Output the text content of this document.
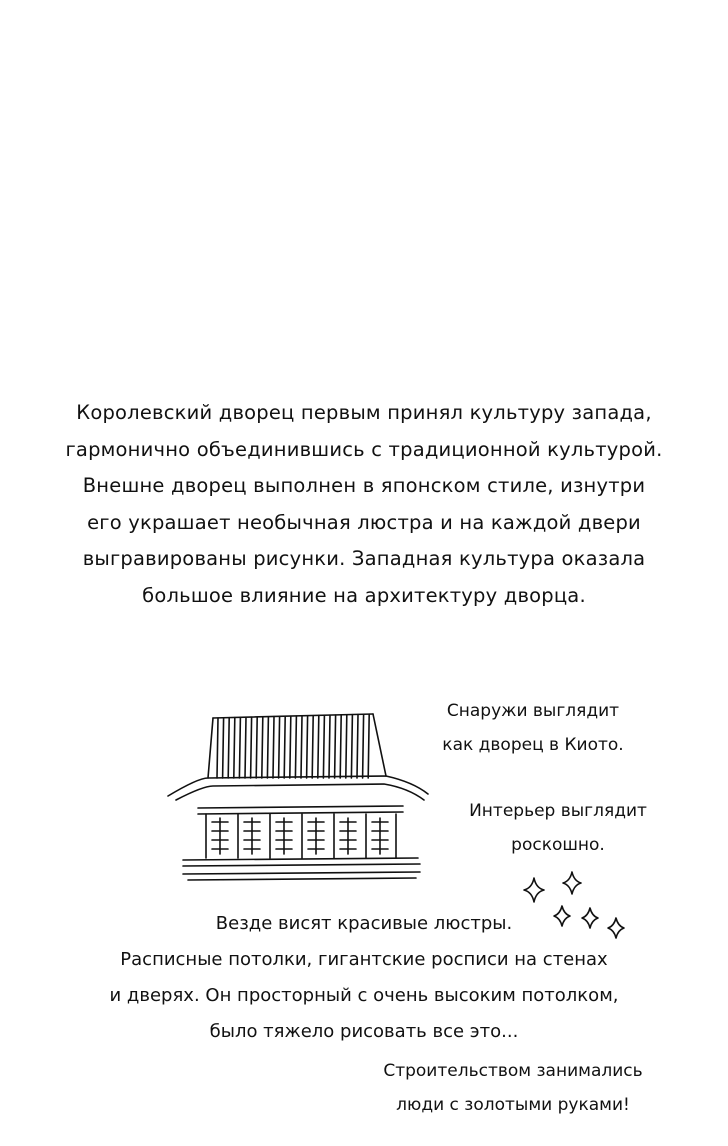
Королевский дворец первым принял культуру запада,
гармонично объединившись с традиционной культурой.
Внешне дворец выполнен в японском стиле, изнутри
его украшает необычная люстра и на каждой двери
выгравированы рисунки. Западная культура оказала
большое влияние на архитектуру дворца.
Снаружи выглядит
как дворец в Киото.
Интерьер выглядит
роскошно.
Везде висят красивые люстры.
Расписные потолки, гигантские росписи на стенах
и дверях. Он просторный с очень высоким потолком,
было тяжело рисовать все это...
Строительством занимались
люди с золотыми руками!
